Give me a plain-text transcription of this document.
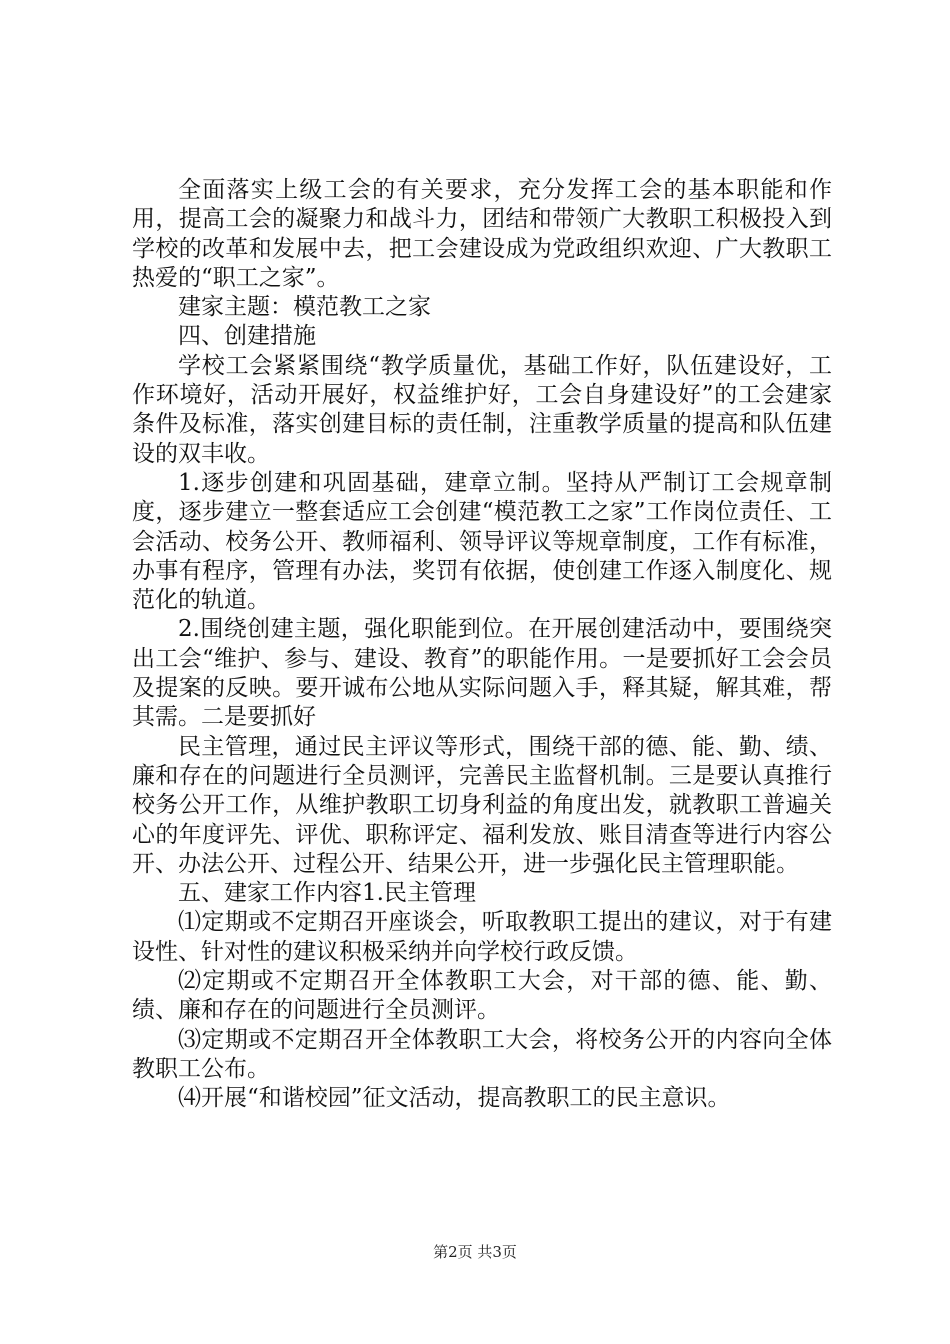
全面落实上级工会的有关要求，充分发挥工会的基本职能和作用，提高工会的凝聚力和战斗力，团结和带领广大教职工积极投入到学校的改革和发展中去，把工会建设成为党政组织欢迎、广大教职工热爱的“职工之家”。

建家主题：模范教工之家

四、创建措施

学校工会紧紧围绕“教学质量优，基础工作好，队伍建设好，工作环境好，活动开展好，权益维护好，工会自身建设好”的工会建家条件及标准，落实创建目标的责任制，注重教学质量的提高和队伍建设的双丰收。

1.逐步创建和巩固基础，建章立制。坚持从严制订工会规章制度，逐步建立一整套适应工会创建“模范教工之家”工作岗位责任、工会活动、校务公开、教师福利、领导评议等规章制度，工作有标准，办事有程序，管理有办法，奖罚有依据，使创建工作逐入制度化、规范化的轨道。

2.围绕创建主题，强化职能到位。在开展创建活动中，要围绕突出工会“维护、参与、建设、教育”的职能作用。一是要抓好工会会员及提案的反映。要开诚布公地从实际问题入手，释其疑，解其难，帮其需。二是要抓好

民主管理，通过民主评议等形式，围绕干部的德、能、勤、绩、廉和存在的问题进行全员测评，完善民主监督机制。三是要认真推行校务公开工作，从维护教职工切身利益的角度出发，就教职工普遍关心的年度评先、评优、职称评定、福利发放、账目清查等进行内容公开、办法公开、过程公开、结果公开，进一步强化民主管理职能。

五、建家工作内容1.民主管理

⑴定期或不定期召开座谈会，听取教职工提出的建议，对于有建设性、针对性的建议积极采纳并向学校行政反馈。

⑵定期或不定期召开全体教职工大会，对干部的德、能、勤、绩、廉和存在的问题进行全员测评。

⑶定期或不定期召开全体教职工大会，将校务公开的内容向全体教职工公布。

⑷开展“和谐校园”征文活动，提高教职工的民主意识。

第2页 共3页
